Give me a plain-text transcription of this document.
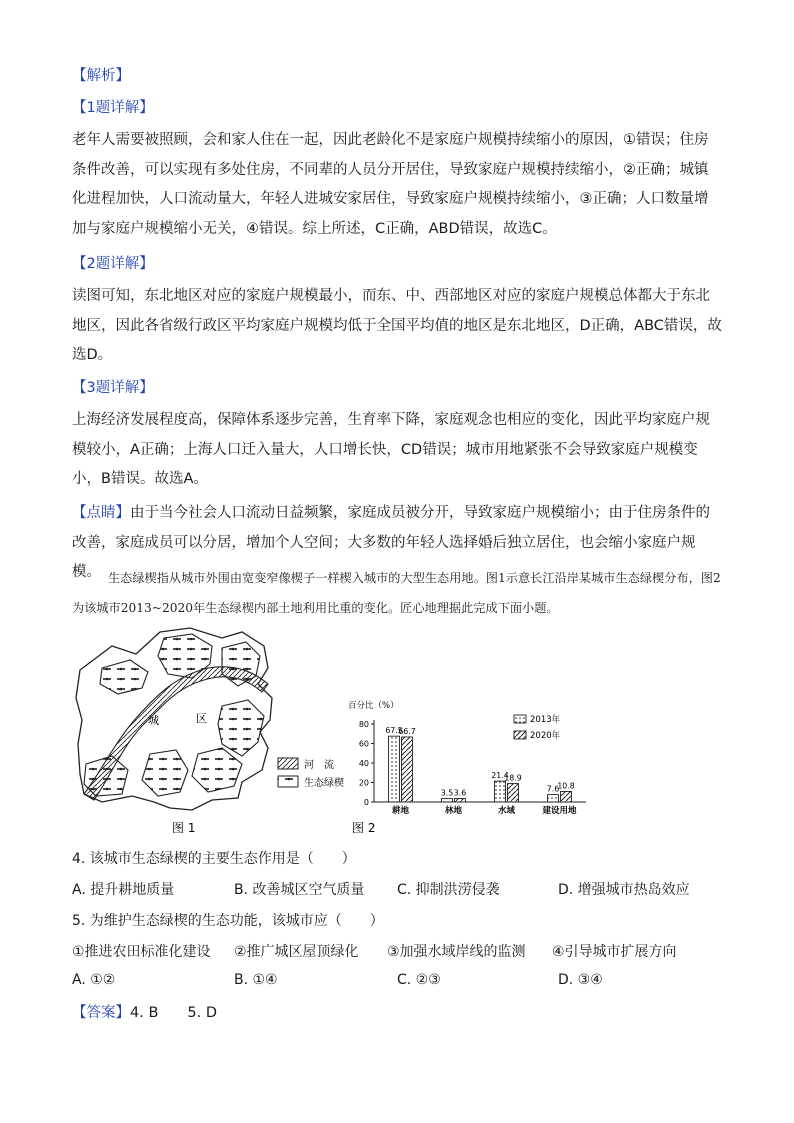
【解析】
【1题详解】
老年人需要被照顾，会和家人住在一起，因此老龄化不是家庭户规模持续缩小的原因，①错误；住房条件改善，可以实现有多处住房，不同辈的人员分开居住，导致家庭户规模持续缩小，②正确；城镇化进程加快，人口流动量大，年轻人进城安家居住，导致家庭户规模持续缩小，③正确；人口数量增加与家庭户规模缩小无关，④错误。综上所述，C正确，ABD错误，故选C。
【2题详解】
读图可知，东北地区对应的家庭户规模最小，而东、中、西部地区对应的家庭户规模总体都大于东北地区，因此各省级行政区平均家庭户规模均低于全国平均值的地区是东北地区，D正确，ABC错误，故选D。
【3题详解】
上海经济发展程度高，保障体系逐步完善，生育率下降，家庭观念也相应的变化，因此平均家庭户规模较小，A正确；上海人口迁入量大，人口增长快，CD错误；城市用地紧张不会导致家庭户规模变小，B错误。故选A。
【点睛】由于当今社会人口流动日益频繁，家庭成员被分开，导致家庭户规模缩小；由于住房条件的改善，家庭成员可以分居，增加个人空间；大多数的年轻人选择婚后独立居住，也会缩小家庭户规模。 生态绿楔指从城市外围由宽变窄像楔子一样楔入城市的大型生态用地。图1示意长江沿岸某城市生态绿楔分布，图2为该城市2013~2020年生态绿楔内部土地利用比重的变化。匠心地理据此完成下面小题。
城	区
河　流
生态绿楔
图 1
百分比（%）
0
20
40
60
80
67.5
66.7
耕地
3.5 3.6
林地
21.4
18.9
水域
7.6
10.8
建设用地
2013年
2020年
图 2
4. 该城市生态绿楔的主要生态作用是（　　）
A. 提升耕地质量	B. 改善城区空气质量 C. 抑制洪涝侵袭	D. 增强城市热岛效应
5. 为维护生态绿楔的生态功能，该城市应（　　）
①推进农田标准化建设 ②推广城区屋顶绿化 ③加强水域岸线的监测 ④引导城市扩展方向
A. ①②	B. ①④	C. ②③	D. ③④
【答案】4. B　　5. D
